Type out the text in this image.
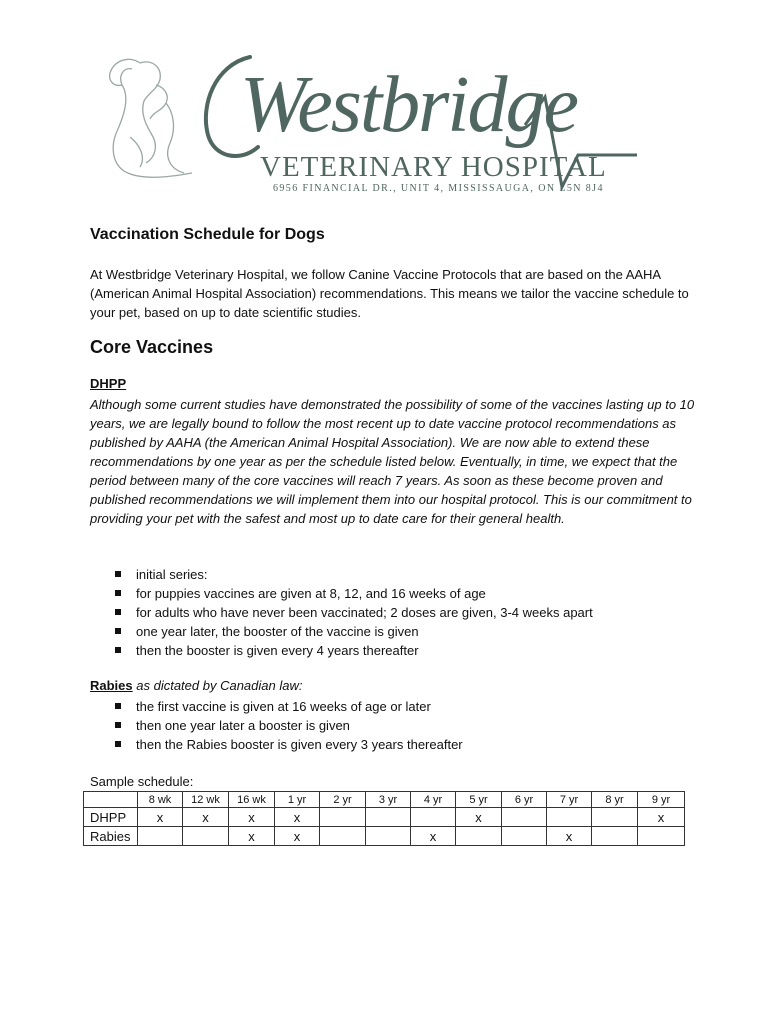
Westbridge
VETERINARY HOSPITAL
6956 FINANCIAL DR., UNIT 4, MISSISSAUGA, ON L5N 8J4
Vaccination Schedule for Dogs

At Westbridge Veterinary Hospital, we follow Canine Vaccine Protocols that are based on the AAHA (American Animal Hospital Association) recommendations. This means we tailor the vaccine schedule to your pet, based on up to date scientific studies.

Core Vaccines
DHPP

Although some current studies have demonstrated the possibility of some of the vaccines lasting up to 10 years, we are legally bound to follow the most recent up to date vaccine protocol recommendations as published by AAHA (the American Animal Hospital Association). We are now able to extend these recommendations by one year as per the schedule listed below. Eventually, in time, we expect that the period between many of the core vaccines will reach 7 years. As soon as these become proven and published recommendations we will implement them into our hospital protocol. This is our commitment to providing your pet with the safest and most up to date care for their general health.

initial series:
for puppies vaccines are given at 8, 12, and 16 weeks of age
for adults who have never been vaccinated; 2 doses are given, 3-4 weeks apart
one year later, the booster of the vaccine is given
then the booster is given every 4 years thereafter
Rabies as dictated by Canadian law:
the first vaccine is given at 16 weeks of age or later
then one year later a booster is given
then the Rabies booster is given every 3 years thereafter
Sample schedule:
	8 wk	12 wk	16 wk	1 yr	2 yr	3 yr	4 yr	5 yr	6 yr	7 yr	8 yr	9 yr
DHPP	x	x	x	x				x				x
Rabies			x	x			x			x		
